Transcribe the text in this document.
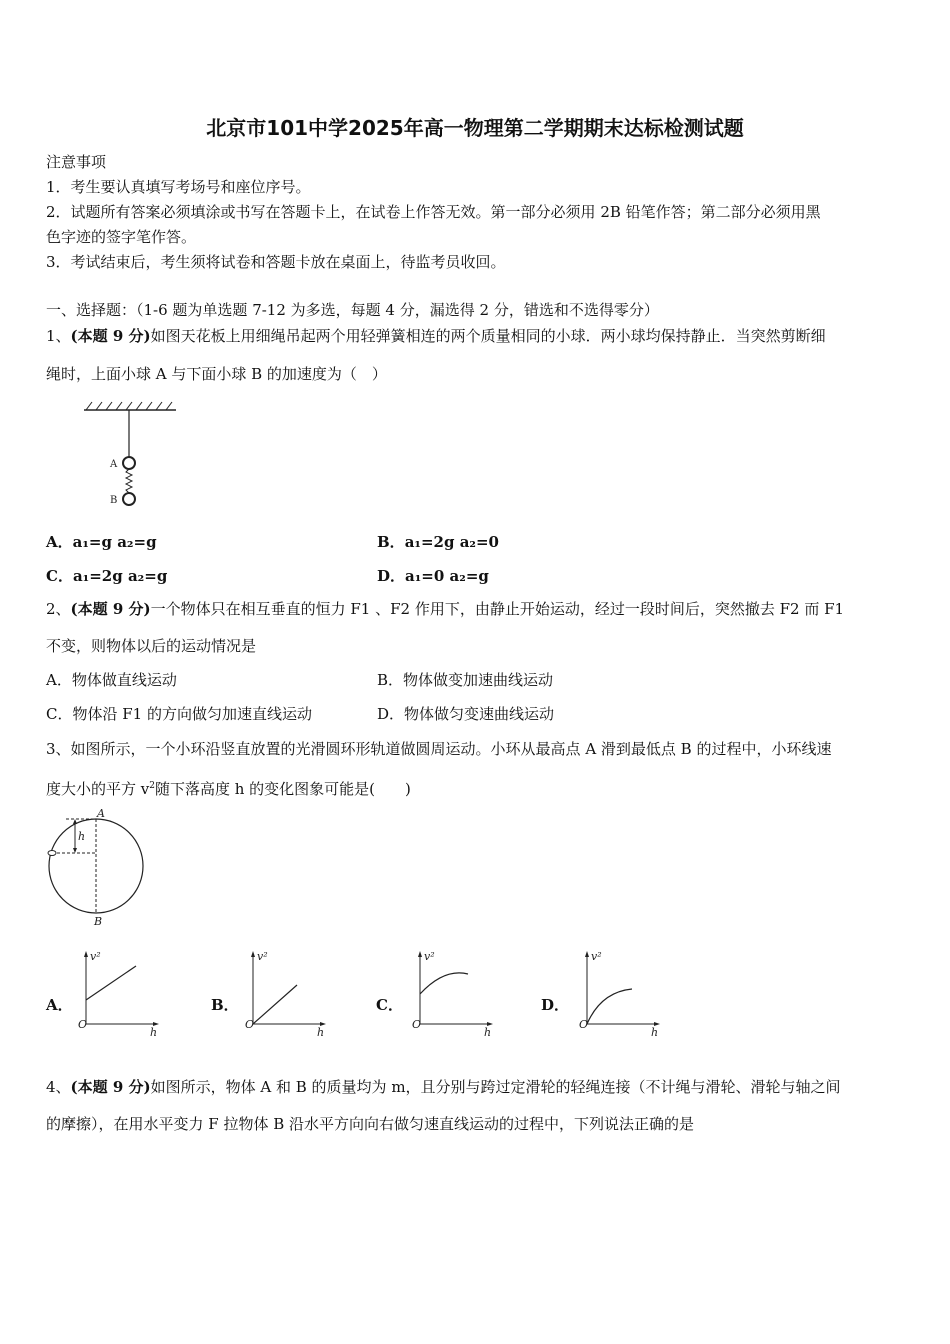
北京市101中学2025年高一物理第二学期期末达标检测试题
注意事项
1．考生要认真填写考场号和座位序号。
2．试题所有答案必须填涂或书写在答题卡上，在试卷上作答无效。第一部分必须用 2B 铅笔作答；第二部分必须用黑
色字迹的签字笔作答。
3．考试结束后，考生须将试卷和答题卡放在桌面上，待监考员收回。
一、选择题：（1-6 题为单选题 7-12 为多选，每题 4 分，漏选得 2 分，错选和不选得零分）
1、(本题 9 分)如图天花板上用细绳吊起两个用轻弹簧相连的两个质量相同的小球．两小球均保持静止．当突然剪断细
绳时，上面小球 A 与下面小球 B 的加速度为（　）
A
B
A．a₁=g a₂=g	B．a₁=2g a₂=0
C．a₁=2g a₂=g	D．a₁=0 a₂=g
2、(本题 9 分)一个物体只在相互垂直的恒力 F1 、F2 作用下，由静止开始运动，经过一段时间后，突然撤去 F2 而 F1
不变，则物体以后的运动情况是
A．物体做直线运动	B．物体做变加速曲线运动
C．物体沿 F1 的方向做匀加速直线运动	D．物体做匀变速曲线运动
3、如图所示，一个小环沿竖直放置的光滑圆环形轨道做圆周运动。小环从最高点 A 滑到最低点 B 的过程中，小环线速
度大小的平方 $v^2$随下落高度 h 的变化图象可能是(　　)
h
A
B
A．	B．	C．	D．
v²
h
O
v²
h
O
v²
h
O
v²
h
O
4、(本题 9 分)如图所示，物体 A 和 B 的质量均为 m，且分别与跨过定滑轮的轻绳连接（不计绳与滑轮、滑轮与轴之间
的摩擦），在用水平变力 F 拉物体 B 沿水平方向向右做匀速直线运动的过程中，下列说法正确的是
